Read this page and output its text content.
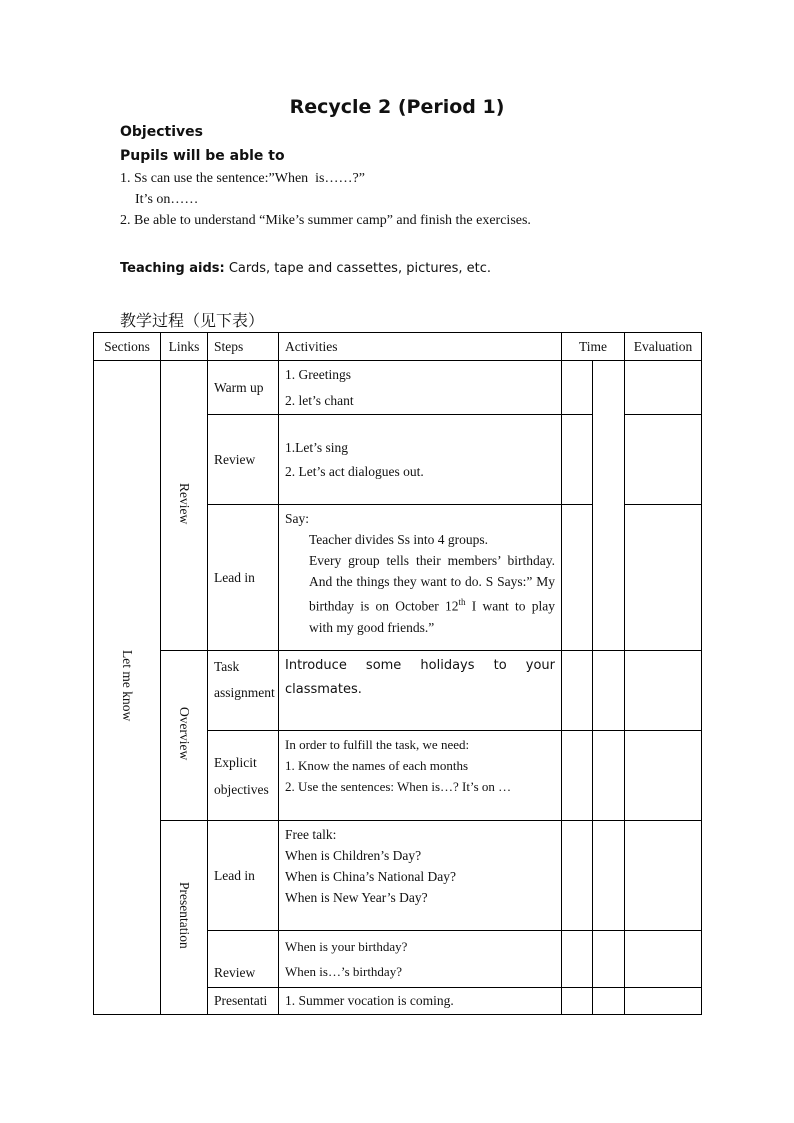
Recycle 2 (Period 1)
Objectives
Pupils will be able to
1. Ss can use the sentence:”When  is……?”
It’s on……
2. Be able to understand “Mike’s summer camp” and finish the exercises.
Teaching aids: Cards, tape and cassettes, pictures, etc.
教学过程（见下表）
Sections	Links	Steps	Activities	Time		Evaluation
Let me know	Review	Warm up	1. Greetings
2. let’s chant			

		Review	1.Let’s sing
2. Let’s act dialogues out.			

		Lead in	Say:
Teacher divides Ss into 4 groups.
Every group tells their members’ birthday. And the things they want to do. S Says:” My birthday is on October 12th I want to play with my good friends.”			

	Overview	Task assignment	Introduce some holidays to your classmates.			
		Explicit objectives	In order to fulfill the task, we need:
1. Know the names of each months
2. Use the sentences: When is…? It’s on …			

	Presentation	Lead in	Free talk:
When is Children’s Day?
When is China’s National Day?
When is New Year’s Day?			

		Review	When is your birthday?
When is…’s birthday?			

		Presentati	1. Summer vocation is coming.			
